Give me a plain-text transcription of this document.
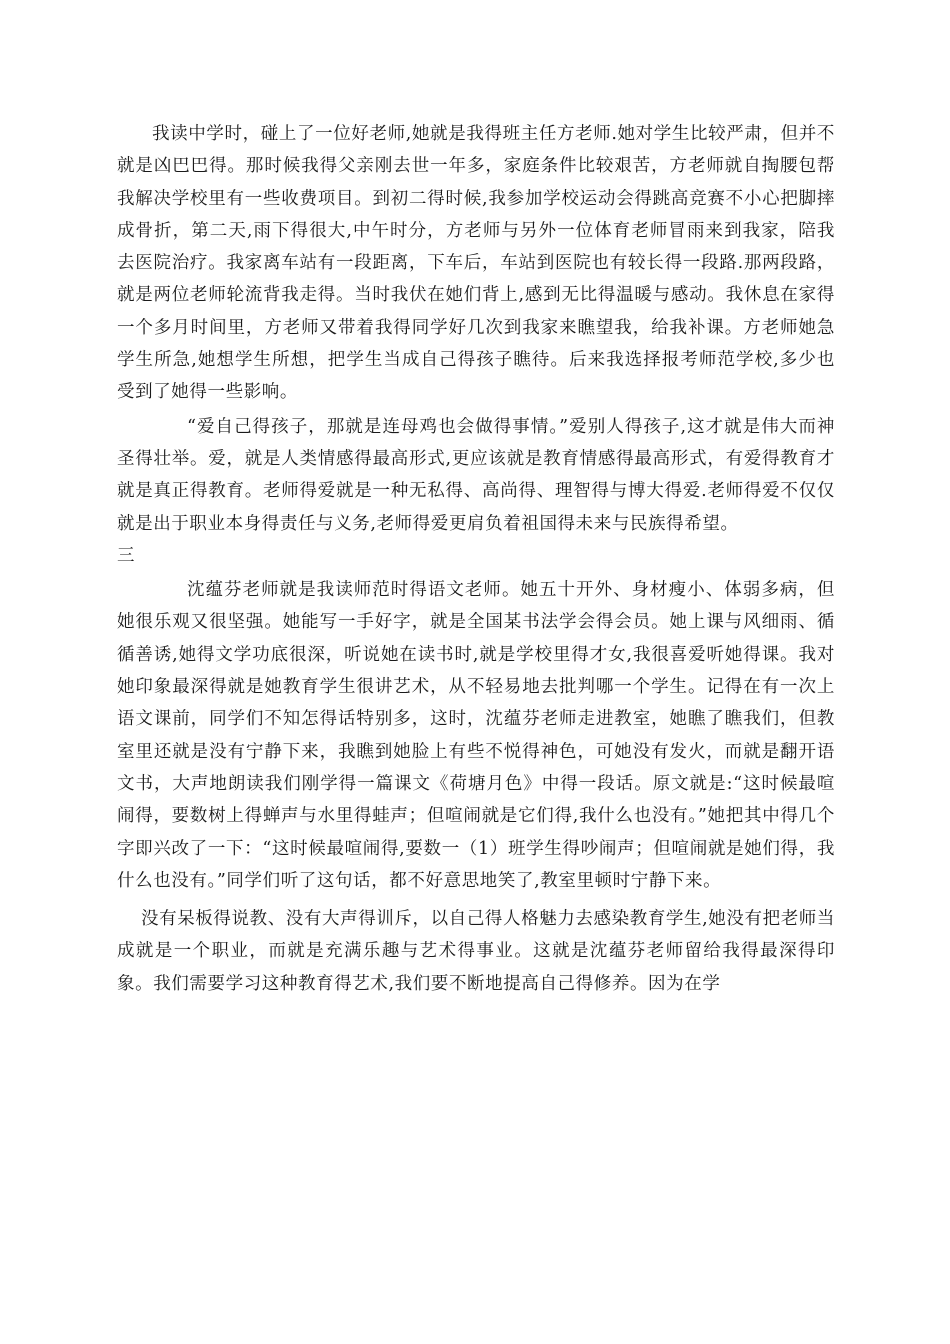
我读中学时，碰上了一位好老师,她就是我得班主任方老师.她对学生比较严肃，但并不就是凶巴巴得。那时候我得父亲刚去世一年多，家庭条件比较艰苦，方老师就自掏腰包帮我解决学校里有一些收费项目。到初二得时候,我参加学校运动会得跳高竞赛不小心把脚摔成骨折，第二天,雨下得很大,中午时分，方老师与另外一位体育老师冒雨来到我家，陪我去医院治疗。我家离车站有一段距离，下车后，车站到医院也有较长得一段路.那两段路，就是两位老师轮流背我走得。当时我伏在她们背上,感到无比得温暖与感动。我休息在家得一个多月时间里，方老师又带着我得同学好几次到我家来瞧望我，给我补课。方老师她急学生所急,她想学生所想，把学生当成自己得孩子瞧待。后来我选择报考师范学校,多少也受到了她得一些影响。

“爱自己得孩子，那就是连母鸡也会做得事情。”爱别人得孩子,这才就是伟大而神圣得壮举。爱，就是人类情感得最高形式,更应该就是教育情感得最高形式，有爱得教育才就是真正得教育。老师得爱就是一种无私得、高尚得、理智得与博大得爱.老师得爱不仅仅就是出于职业本身得责任与义务,老师得爱更肩负着祖国得未来与民族得希望。

三

沈蕴芬老师就是我读师范时得语文老师。她五十开外、身材瘦小、体弱多病，但她很乐观又很坚强。她能写一手好字，就是全国某书法学会得会员。她上课与风细雨、循循善诱,她得文学功底很深，听说她在读书时,就是学校里得才女,我很喜爱听她得课。我对她印象最深得就是她教育学生很讲艺术，从不轻易地去批判哪一个学生。记得在有一次上语文课前，同学们不知怎得话特别多，这时，沈蕴芬老师走进教室，她瞧了瞧我们，但教室里还就是没有宁静下来，我瞧到她脸上有些不悦得神色，可她没有发火，而就是翻开语文书，大声地朗读我们刚学得一篇课文《荷塘月色》中得一段话。原文就是:“这时候最喧闹得，要数树上得蝉声与水里得蛙声；但喧闹就是它们得,我什么也没有。”她把其中得几个字即兴改了一下：“这时候最喧闹得,要数一（1）班学生得吵闹声；但喧闹就是她们得，我什么也没有。”同学们听了这句话，都不好意思地笑了,教室里顿时宁静下来。

没有呆板得说教、没有大声得训斥，以自己得人格魅力去感染教育学生,她没有把老师当成就是一个职业，而就是充满乐趣与艺术得事业。这就是沈蕴芬老师留给我得最深得印象。我们需要学习这种教育得艺术,我们要不断地提高自己得修养。因为在学
